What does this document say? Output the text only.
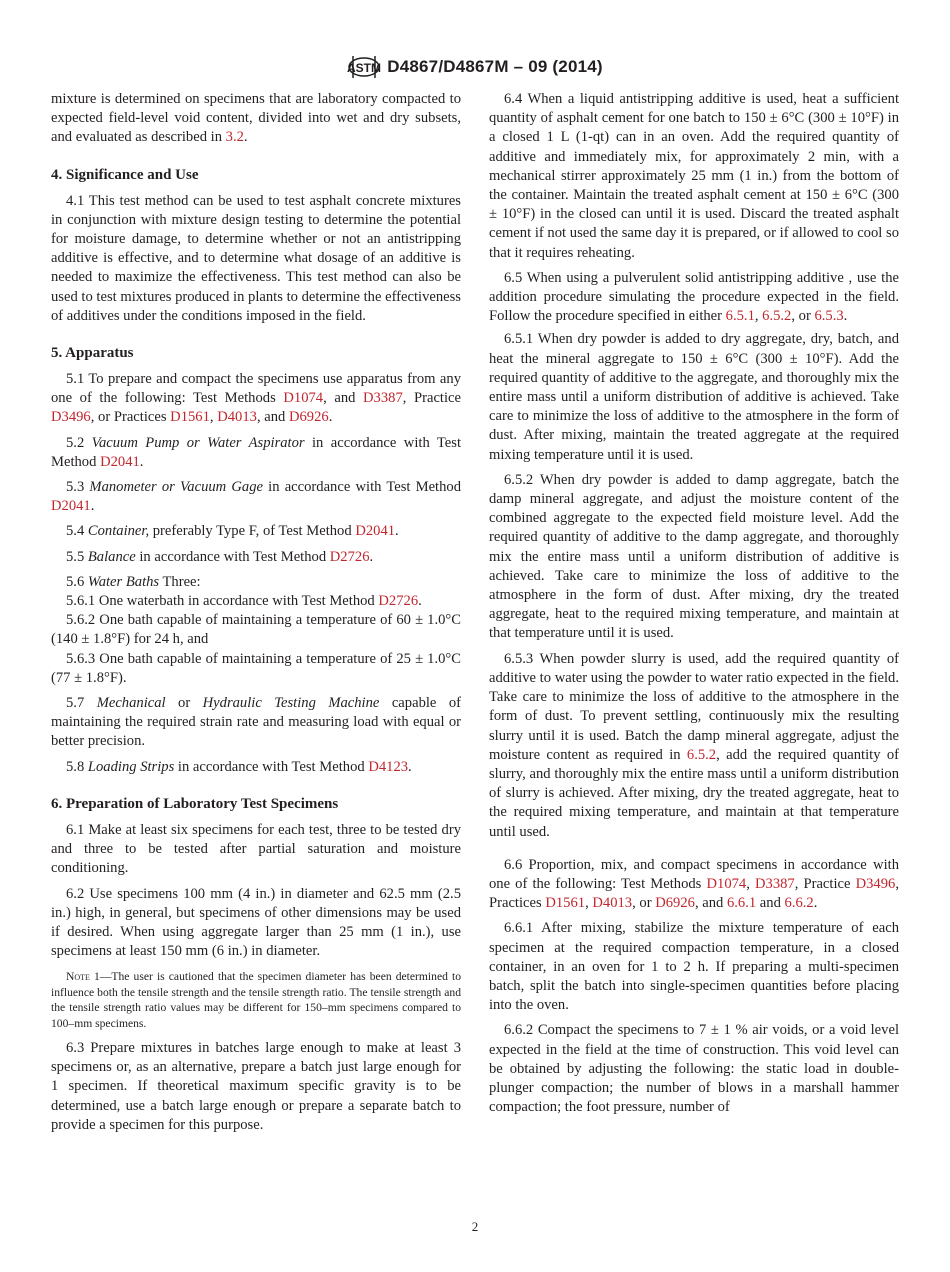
ASTM D4867/D4867M – 09 (2014)

mixture is determined on specimens that are laboratory compacted to expected field-level void content, divided into wet and dry subsets, and evaluated as described in 3.2.

4. Significance and Use

4.1 This test method can be used to test asphalt concrete mixtures in conjunction with mixture design testing to determine the potential for moisture damage, to determine whether or not an antistripping additive is effective, and to determine what dosage of an additive is needed to maximize the effectiveness. This test method can also be used to test mixtures produced in plants to determine the effectiveness of additives under the conditions imposed in the field.

5. Apparatus

5.1 To prepare and compact the specimens use apparatus from any one of the following: Test Methods D1074, and D3387, Practice D3496, or Practices D1561, D4013, and D6926.

5.2 Vacuum Pump or Water Aspirator in accordance with Test Method D2041.

5.3 Manometer or Vacuum Gage in accordance with Test Method D2041.

5.4 Container, preferably Type F, of Test Method D2041.

5.5 Balance in accordance with Test Method D2726.

5.6 Water Baths Three:

5.6.1 One waterbath in accordance with Test Method D2726.

5.6.2 One bath capable of maintaining a temperature of 60 ± 1.0°C (140 ± 1.8°F) for 24 h, and

5.6.3 One bath capable of maintaining a temperature of 25 ± 1.0°C (77 ± 1.8°F).

5.7 Mechanical or Hydraulic Testing Machine capable of maintaining the required strain rate and measuring load with equal or better precision.

5.8 Loading Strips in accordance with Test Method D4123.

6. Preparation of Laboratory Test Specimens

6.1 Make at least six specimens for each test, three to be tested dry and three to be tested after partial saturation and moisture conditioning.

6.2 Use specimens 100 mm (4 in.) in diameter and 62.5 mm (2.5 in.) high, in general, but specimens of other dimensions may be used if desired. When using aggregate larger than 25 mm (1 in.), use specimens at least 150 mm (6 in.) in diameter.

Note 1—The user is cautioned that the specimen diameter has been determined to influence both the tensile strength and the tensile strength ratio. The tensile strength and the tensile strength ratio values may be different for 150–mm specimens compared to 100–mm specimens.

6.3 Prepare mixtures in batches large enough to make at least 3 specimens or, as an alternative, prepare a batch just large enough for 1 specimen. If theoretical maximum specific gravity is to be determined, use a batch large enough or prepare a separate batch to provide a specimen for this purpose.

6.4 When a liquid antistripping additive is used, heat a sufficient quantity of asphalt cement for one batch to 150 ± 6°C (300 ± 10°F) in a closed 1 L (1-qt) can in an oven. Add the required quantity of additive and immediately mix, for approximately 2 min, with a mechanical stirrer approximately 25 mm (1 in.) from the bottom of the container. Maintain the treated asphalt cement at 150 ± 6°C (300 ± 10°F) in the closed can until it is used. Discard the treated asphalt cement if not used the same day it is prepared, or if allowed to cool so that it requires reheating.

6.5 When using a pulverulent solid antistripping additive , use the addition procedure simulating the procedure expected in the field. Follow the procedure specified in either 6.5.1, 6.5.2, or 6.5.3.

6.5.1 When dry powder is added to dry aggregate, dry, batch, and heat the mineral aggregate to 150 ± 6°C (300 ± 10°F). Add the required quantity of additive to the aggregate, and thoroughly mix the entire mass until a uniform distribution of additive is achieved. Take care to minimize the loss of additive to the atmosphere in the form of dust. After mixing, maintain the treated aggregate at the required mixing temperature until it is used.

6.5.2 When dry powder is added to damp aggregate, batch the damp mineral aggregate, and adjust the moisture content of the combined aggregate to the expected field moisture level. Add the required quantity of additive to the damp aggregate, and thoroughly mix the entire mass until a uniform distribution of additive is achieved. Take care to minimize the loss of additive to the atmosphere in the form of dust. After mixing, dry the treated aggregate, heat to the required mixing temperature, and maintain at that temperature until it is used.

6.5.3 When powder slurry is used, add the required quantity of additive to water using the powder to water ratio expected in the field. Take care to minimize the loss of additive to the atmosphere in the form of dust. To prevent settling, continuously mix the resulting slurry until it is used. Batch the damp mineral aggregate, adjust the moisture content as required in 6.5.2, add the required quantity of slurry, and thoroughly mix the entire mass until a uniform distribution of slurry is achieved. After mixing, dry the treated aggregate, heat to the required mixing temperature, and maintain at that temperature until used.

6.6 Proportion, mix, and compact specimens in accordance with one of the following: Test Methods D1074, D3387, Practice D3496, Practices D1561, D4013, or D6926, and 6.6.1 and 6.6.2.

6.6.1 After mixing, stabilize the mixture temperature of each specimen at the required compaction temperature, in a closed container, in an oven for 1 to 2 h. If preparing a multi-specimen batch, split the batch into single-specimen quantities before placing into the oven.

6.6.2 Compact the specimens to 7 ± 1 % air voids, or a void level expected in the field at the time of construction. This void level can be obtained by adjusting the following: the static load in double-plunger compaction; the number of blows in a marshall hammer compaction; the foot pressure, number of

2
